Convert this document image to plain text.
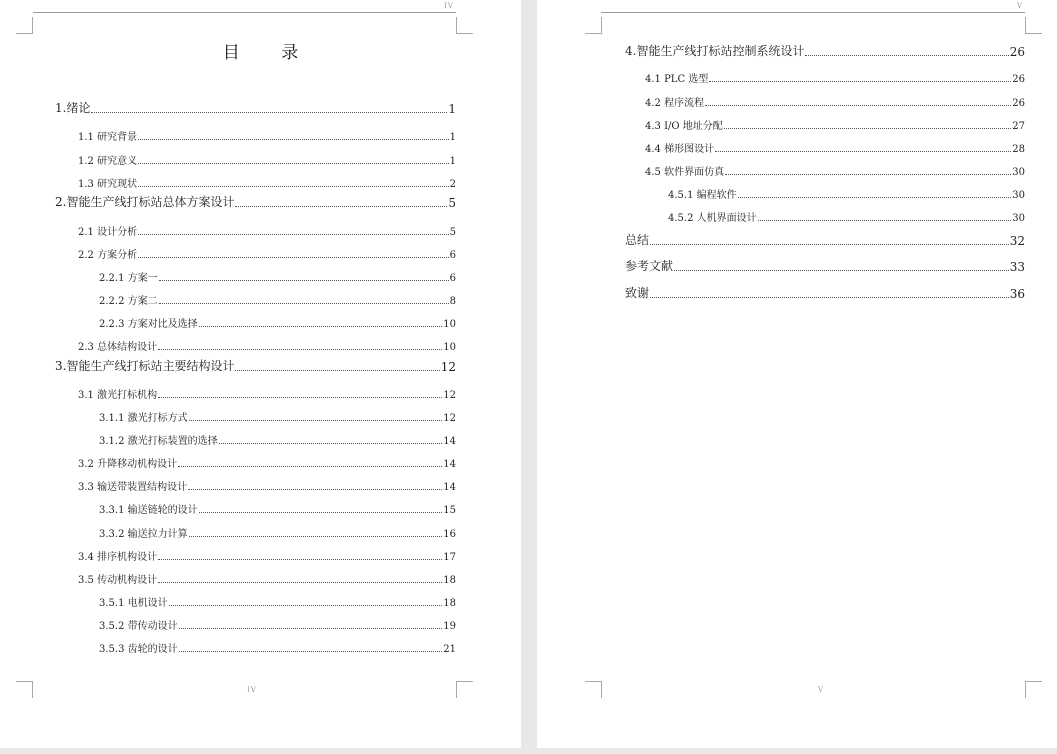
IV
目 录
1.绪论	1
1.1 研究背景	1
1.2 研究意义	1
1.3 研究现状	2
2.智能生产线打标站总体方案设计	5
2.1 设计分析	5
2.2 方案分析	6
2.2.1 方案一	6
2.2.2 方案二	8
2.2.3 方案对比及选择	10
2.3 总体结构设计	10
3.智能生产线打标站主要结构设计	12
3.1 激光打标机构	12
3.1.1 激光打标方式	12
3.1.2 激光打标装置的选择	14
3.2 升降移动机构设计	14
3.3 输送带装置结构设计	14
3.3.1 输送链轮的设计	15
3.3.2 输送拉力计算	16
3.4 排序机构设计	17
3.5 传动机构设计	18
3.5.1 电机设计	18
3.5.2 带传动设计	19
3.5.3 齿轮的设计	21
IV
V
4.智能生产线打标站控制系统设计	26
4.1 PLC 选型	26
4.2 程序流程	26
4.3 I/O 地址分配	27
4.4 梯形图设计	28
4.5 软件界面仿真	30
4.5.1 编程软件	30
4.5.2 人机界面设计	30
总结	32
参考文献	33
致谢	36
V
